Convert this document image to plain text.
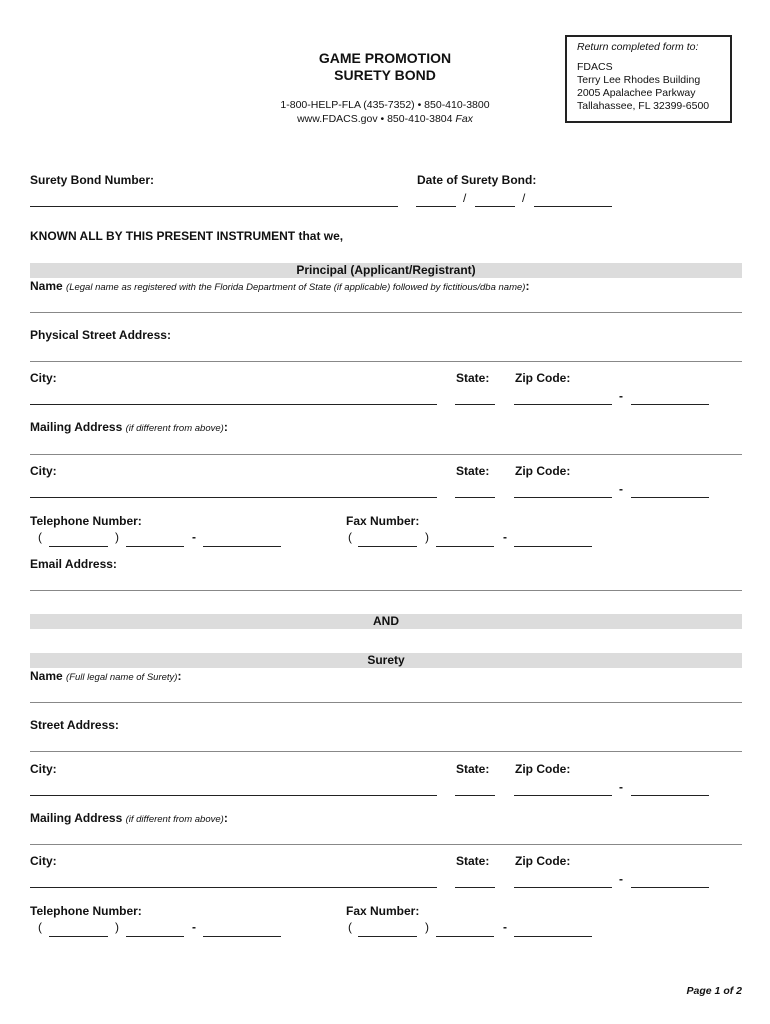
GAME PROMOTION
SURETY BOND
1-800-HELP-FLA (435-7352) • 850-410-3800
www.FDACS.gov • 850-410-3804 Fax
Return completed form to:
FDACS
Terry Lee Rhodes Building
2005 Apalachee Parkway
Tallahassee, FL 32399-6500
Surety Bond Number:	Date of Surety Bond:
/	/
KNOWN ALL BY THIS PRESENT INSTRUMENT that we,
Principal (Applicant/Registrant)
Name (Legal name as registered with the Florida Department of State (if applicable) followed by fictitious/dba name):
Physical Street Address:
City:	State: Zip Code:
-
Mailing Address (if different from above):
City:	State: Zip Code:
-
Telephone Number:
(	)	-
Fax Number:
(	)	-
Email Address:
AND
Surety
Name (Full legal name of Surety):
Street Address:
City:	State: Zip Code:
-
Mailing Address (if different from above):
City:	State: Zip Code:
-
Telephone Number:
(	)	-
Fax Number:
(	)	-
Page 1 of 2
